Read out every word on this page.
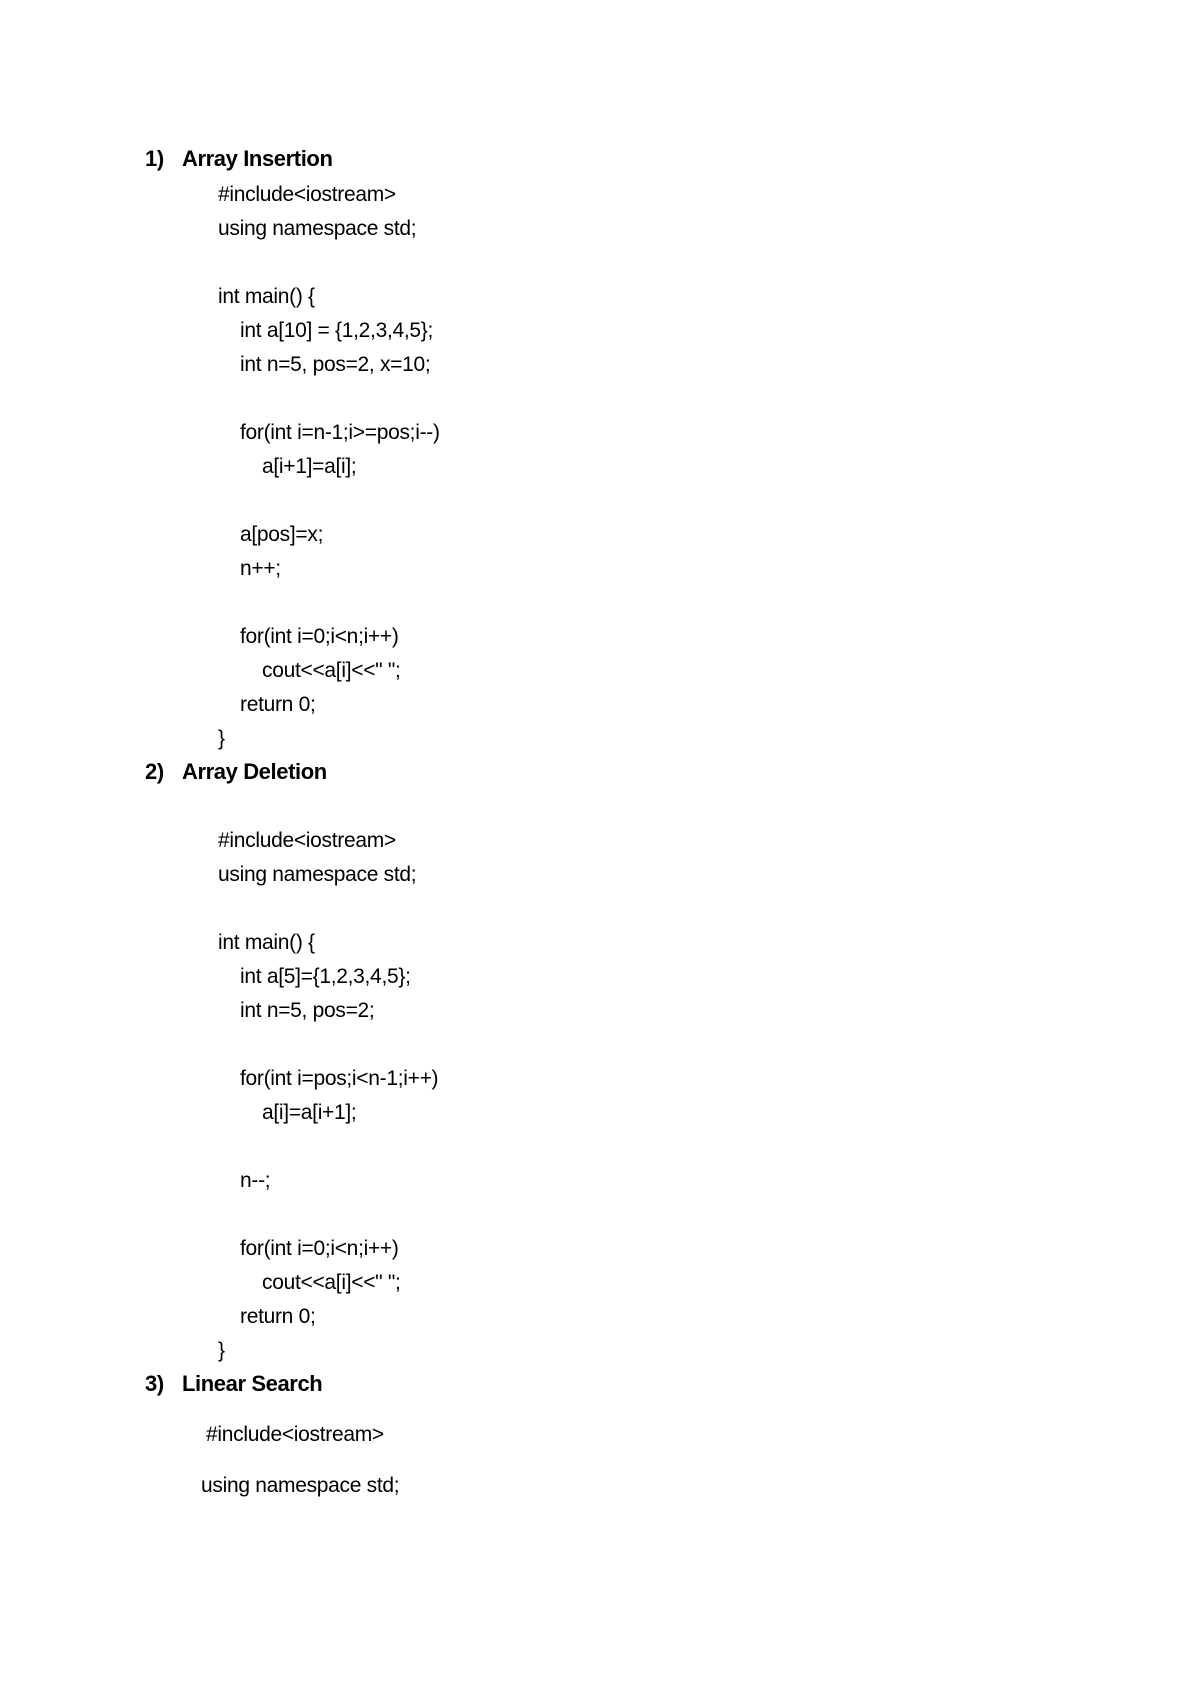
1)

Array Insertion

#include<iostream>
using namespace std;
int main() {
int a[10] = {1,2,3,4,5};
int n=5, pos=2, x=10;
for(int i=n-1;i>=pos;i--)
a[i+1]=a[i];
a[pos]=x;
n++;
for(int i=0;i<n;i++)
cout<<a[i]<<" ";
return 0;
}

2)

Array Deletion

#include<iostream>
using namespace std;
int main() {
int a[5]={1,2,3,4,5};
int n=5, pos=2;
for(int i=pos;i<n-1;i++)
a[i]=a[i+1];
n--;
for(int i=0;i<n;i++)
cout<<a[i]<<" ";
return 0;
}

3)

Linear Search

#include<iostream>
using namespace std;
